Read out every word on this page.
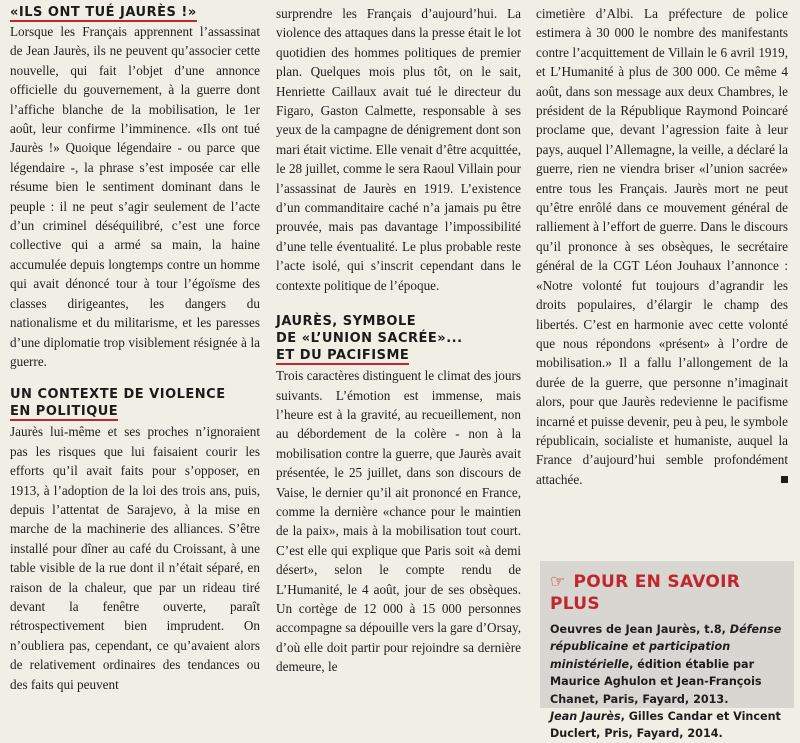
«ILS ONT TUÉ JAURÈS !»

Lorsque les Français apprennent l’assassinat de Jean Jaurès, ils ne peuvent qu’associer cette nouvelle, qui fait l’objet d’une annonce officielle du gouvernement, à la guerre dont l’affiche blanche de la mobilisation, le 1er août, leur confirme l’imminence. «Ils ont tué Jaurès !» Quoique légendaire - ou parce que légendaire -, la phrase s’est imposée car elle résume bien le sentiment dominant dans le peuple : il ne peut s’agir seulement de l’acte d’un criminel déséquilibré, c’est une force collective qui a armé sa main, la haine accumulée depuis longtemps contre un homme qui avait dénoncé tour à tour l’égoïsme des classes dirigeantes, les dangers du nationalisme et du militarisme, et les paresses d’une diplomatie trop visiblement résignée à la guerre.

UN CONTEXTE DE VIOLENCE
EN POLITIQUE

Jaurès lui-même et ses proches n’ignoraient pas les risques que lui faisaient courir les efforts qu’il avait faits pour s’opposer, en 1913, à l’adoption de la loi des trois ans, puis, depuis l’attentat de Sarajevo, à la mise en marche de la machinerie des alliances. S’être installé pour dîner au café du Croissant, à une table visible de la rue dont il n’était séparé, en raison de la chaleur, que par un rideau tiré devant la fenêtre ouverte, paraît rétrospectivement bien imprudent. On n’oubliera pas, cependant, ce qu’avaient alors de relativement ordinaires des tendances ou des faits qui peuvent

surprendre les Français d’aujourd’hui. La violence des attaques dans la presse était le lot quotidien des hommes politiques de premier plan. Quelques mois plus tôt, on le sait, Henriette Caillaux avait tué le directeur du Figaro, Gaston Calmette, responsable à ses yeux de la campagne de dénigrement dont son mari était victime. Elle venait d’être acquittée, le 28 juillet, comme le sera Raoul Villain pour l’assassinat de Jaurès en 1919. L’existence d’un commanditaire caché n’a jamais pu être prouvée, mais pas davantage l’impossibilité d’une telle éventualité. Le plus probable reste l’acte isolé, qui s’inscrit cependant dans le contexte politique de l’époque.

JAURÈS, SYMBOLE
DE «L’UNION SACRÉE»...
ET DU PACIFISME

Trois caractères distinguent le climat des jours suivants. L’émotion est immense, mais l’heure est à la gravité, au recueillement, non au débordement de la colère - non à la mobilisation contre la guerre, que Jaurès avait présentée, le 25 juillet, dans son discours de Vaise, le dernier qu’il ait prononcé en France, comme la dernière «chance pour le maintien de la paix», mais à la mobilisation tout court. C’est elle qui explique que Paris soit «à demi désert», selon le compte rendu de L’Humanité, le 4 août, jour de ses obsèques. Un cortège de 12 000 à 15 000 personnes accompagne sa dépouille vers la gare d’Orsay, d’où elle doit partir pour rejoindre sa dernière demeure, le

cimetière d’Albi. La préfecture de police estimera à 30 000 le nombre des manifestants contre l’acquittement de Villain le 6 avril 1919, et L’Humanité à plus de 300 000. Ce même 4 août, dans son message aux deux Chambres, le président de la République Raymond Poincaré proclame que, devant l’agression faite à leur pays, auquel l’Allemagne, la veille, a déclaré la guerre, rien ne viendra briser «l’union sacrée» entre tous les Français. Jaurès mort ne peut qu’être enrôlé dans ce mouvement général de ralliement à l’effort de guerre. Dans le discours qu’il prononce à ses obsèques, le secrétaire général de la CGT Léon Jouhaux l’annonce : «Notre volonté fut toujours d’agrandir les droits populaires, d’élargir le champ des libertés. C’est en harmonie avec cette volonté que nous répondons «présent» à l’ordre de mobilisation.» Il a fallu l’allongement de la durée de la guerre, que personne n’imaginait alors, pour que Jaurès redevienne le pacifisme incarné et puisse devenir, peu à peu, le symbole républicain, socialiste et humaniste, auquel la France d’aujourd’hui semble profondément attachée.

☞ POUR EN SAVOIR PLUS

Oeuvres de Jean Jaurès, t.8, Défense républicaine et participation ministérielle, édition établie par Maurice Aghulon et Jean-François Chanet, Paris, Fayard, 2013.

Jean Jaurès, Gilles Candar et Vincent Duclert, Pris, Fayard, 2014.
